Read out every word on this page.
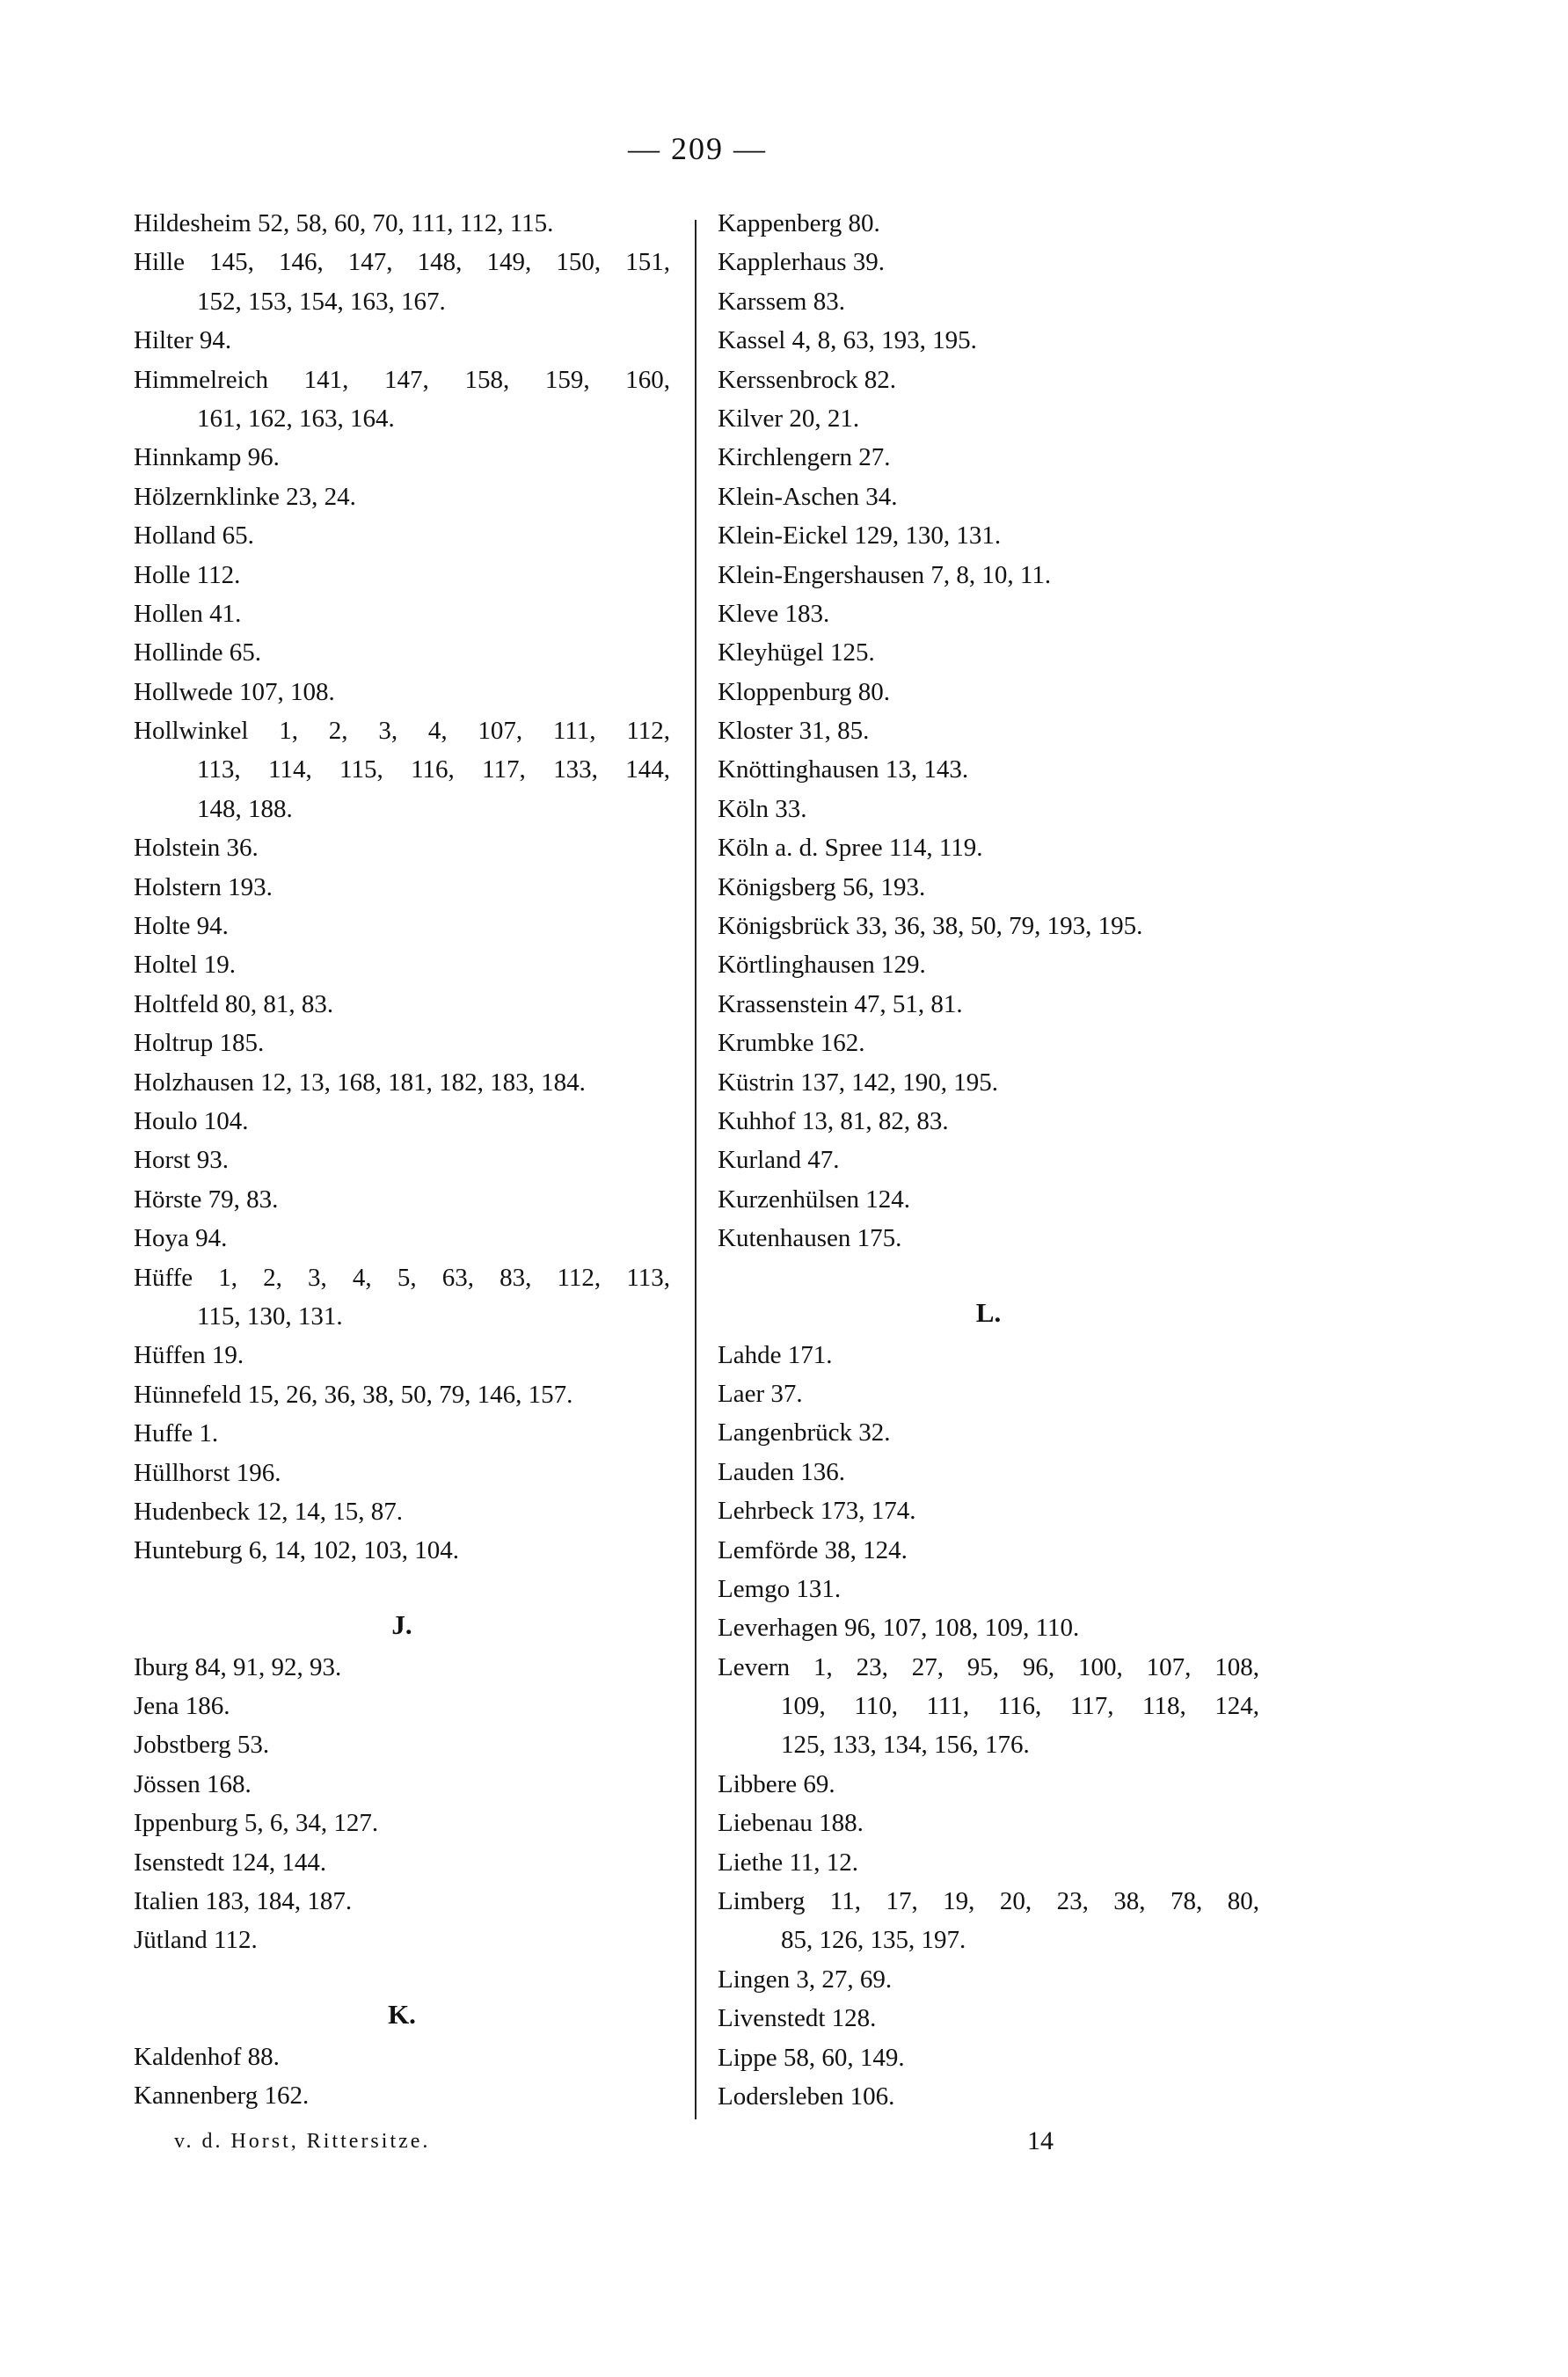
— 209 —
Hildesheim 52, 58, 60, 70, 111, 112, 115.
Hille 145, 146, 147, 148, 149, 150, 151,
152, 153, 154, 163, 167.
Hilter 94.
Himmelreich 141, 147, 158, 159, 160,
161, 162, 163, 164.
Hinnkamp 96.
Hölzernklinke 23, 24.
Holland 65.
Holle 112.
Hollen 41.
Hollinde 65.
Hollwede 107, 108.
Hollwinkel 1, 2, 3, 4, 107, 111, 112,
113, 114, 115, 116, 117, 133, 144,
148, 188.
Holstein 36.
Holstern 193.
Holte 94.
Holtel 19.
Holtfeld 80, 81, 83.
Holtrup 185.
Holzhausen 12, 13, 168, 181, 182, 183, 184.
Houlo 104.
Horst 93.
Hörste 79, 83.
Hoya 94.
Hüffe 1, 2, 3, 4, 5, 63, 83, 112, 113,
115, 130, 131.
Hüffen 19.
Hünnefeld 15, 26, 36, 38, 50, 79, 146, 157.
Huffe 1.
Hüllhorst 196.
Hudenbeck 12, 14, 15, 87.
Hunteburg 6, 14, 102, 103, 104.
J.
Iburg 84, 91, 92, 93.
Jena 186.
Jobstberg 53.
Jössen 168.
Ippenburg 5, 6, 34, 127.
Isenstedt 124, 144.
Italien 183, 184, 187.
Jütland 112.
K.
Kaldenhof 88.
Kannenberg 162.
Kappenberg 80.
Kapplerhaus 39.
Karssem 83.
Kassel 4, 8, 63, 193, 195.
Kerssenbrock 82.
Kilver 20, 21.
Kirchlengern 27.
Klein-Aschen 34.
Klein-Eickel 129, 130, 131.
Klein-Engershausen 7, 8, 10, 11.
Kleve 183.
Kleyhügel 125.
Kloppenburg 80.
Kloster 31, 85.
Knöttinghausen 13, 143.
Köln 33.
Köln a. d. Spree 114, 119.
Königsberg 56, 193.
Königsbrück 33, 36, 38, 50, 79, 193, 195.
Körtlinghausen 129.
Krassenstein 47, 51, 81.
Krumbke 162.
Küstrin 137, 142, 190, 195.
Kuhhof 13, 81, 82, 83.
Kurland 47.
Kurzenhülsen 124.
Kutenhausen 175.
L.
Lahde 171.
Laer 37.
Langenbrück 32.
Lauden 136.
Lehrbeck 173, 174.
Lemförde 38, 124.
Lemgo 131.
Leverhagen 96, 107, 108, 109, 110.
Levern 1, 23, 27, 95, 96, 100, 107, 108,
109, 110, 111, 116, 117, 118, 124,
125, 133, 134, 156, 176.
Libbere 69.
Liebenau 188.
Liethe 11, 12.
Limberg 11, 17, 19, 20, 23, 38, 78, 80,
85, 126, 135, 197.
Lingen 3, 27, 69.
Livenstedt 128.
Lippe 58, 60, 149.
Lodersleben 106.
v. d. Horst, Rittersitze.	14
